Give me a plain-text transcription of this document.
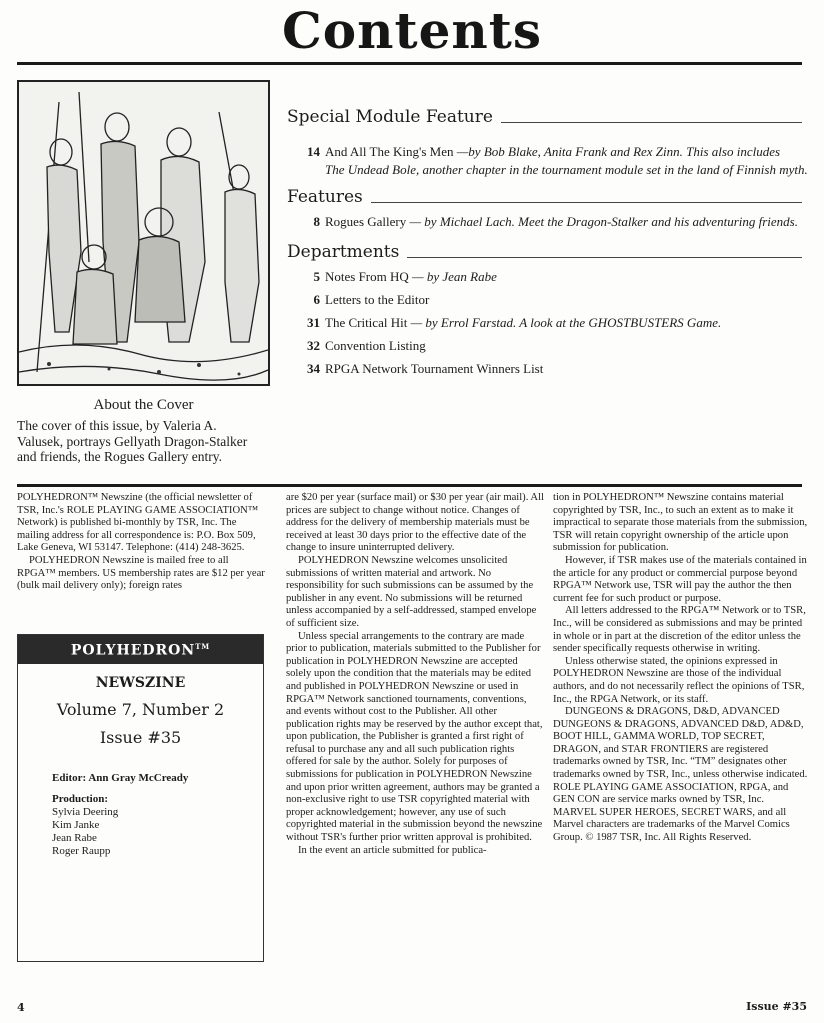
Contents
About the Cover
The cover of this issue, by Valeria A. Valusek, portrays Gellyath Dragon-Stalker and friends, the Rogues Gallery entry.
Special Module Feature
14 And All The King's Men —by Bob Blake, Anita Frank and Rex Zinn. This also includes
The Undead Bole, another chapter in the tournament module set in the land of Finnish myth.
Features
8 Rogues Gallery — by Michael Lach. Meet the Dragon-Stalker and his adventuring friends.
Departments
5 Notes From HQ — by Jean Rabe
6 Letters to the Editor
31 The Critical Hit — by Errol Farstad. A look at the GHOSTBUSTERS Game.
32 Convention Listing
34 RPGA Network Tournament Winners List

POLYHEDRON™ Newszine (the official newsletter of TSR, Inc.'s ROLE PLAYING GAME ASSOCIATION™ Network) is published bi-monthly by TSR, Inc. The mailing address for all correspondence is: P.O. Box 509, Lake Geneva, WI 53147. Telephone: (414) 248-3625.

POLYHEDRON Newszine is mailed free to all RPGA™ members. US membership rates are $12 per year (bulk mail delivery only); foreign rates

POLYHEDRON™
NEWSZINE
Volume 7, Number 2
Issue #35
Editor: Ann Gray McCready
Production:
Sylvia Deering
Kim Janke
Jean Rabe
Roger Raupp

are $20 per year (surface mail) or $30 per year (air mail). All prices are subject to change without notice. Changes of address for the delivery of membership materials must be received at least 30 days prior to the effective date of the change to insure uninterrupted delivery.

POLYHEDRON Newszine welcomes unsolicited submissions of written material and artwork. No responsibility for such submissions can be assumed by the publisher in any event. No submissions will be returned unless accompanied by a self-addressed, stamped envelope of sufficient size.

Unless special arrangements to the contrary are made prior to publication, materials submitted to the Publisher for publication in POLYHEDRON Newszine are accepted solely upon the condition that the materials may be edited and published in POLYHEDRON Newszine or used in RPGA™ Network sanctioned tournaments, conventions, and events without cost to the Publisher. All other publication rights may be reserved by the author except that, upon publication, the Publisher is granted a first right of refusal to purchase any and all such publication rights offered for sale by the author. Solely for purposes of submissions for publication in POLYHEDRON Newszine and upon prior written agreement, authors may be granted a non-exclusive right to use TSR copyrighted material with proper acknowledgement; however, any use of such copyrighted material in the submission beyond the newszine without TSR's further prior written approval is prohibited.

In the event an article submitted for publica-

tion in POLYHEDRON™ Newszine contains material copyrighted by TSR, Inc., to such an extent as to make it impractical to separate those materials from the submission, TSR will retain copyright ownership of the article upon submission for publication.

However, if TSR makes use of the materials contained in the article for any product or commercial purpose beyond RPGA™ Network use, TSR will pay the author the then current fee for such product or purpose.

All letters addressed to the RPGA™ Network or to TSR, Inc., will be considered as submissions and may be printed in whole or in part at the discretion of the editor unless the sender specifically requests otherwise in writing.

Unless otherwise stated, the opinions expressed in POLYHEDRON Newszine are those of the individual authors, and do not necessarily reflect the opinions of TSR, Inc., the RPGA Network, or its staff.

DUNGEONS & DRAGONS, D&D, ADVANCED DUNGEONS & DRAGONS, ADVANCED D&D, AD&D, BOOT HILL, GAMMA WORLD, TOP SECRET, DRAGON, and STAR FRONTIERS are registered trademarks owned by TSR, Inc. “TM” designates other trademarks owned by TSR, Inc., unless otherwise indicated. ROLE PLAYING GAME ASSOCIATION, RPGA, and GEN CON are service marks owned by TSR, Inc. MARVEL SUPER HEROES, SECRET WARS, and all Marvel characters are trademarks of the Marvel Comics Group. © 1987 TSR, Inc. All Rights Reserved.

4	Issue #35
